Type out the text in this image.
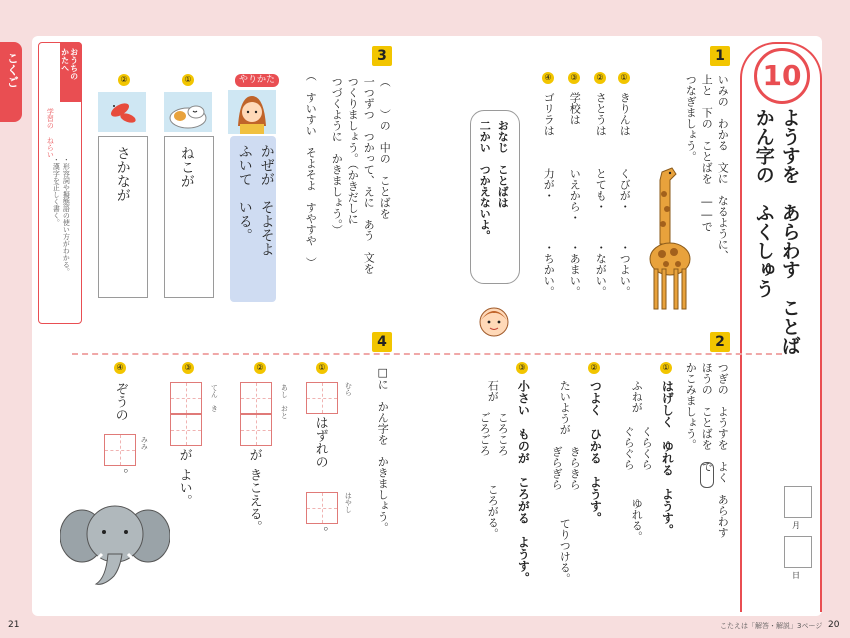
こくご	10
ようすを　あらわす　ことば
かん字の　ふくしゅう
月
日
1
いみの　わかる　文に　なるように、
上と　下の　ことばを　――で
つなぎましょう。
①
きりんは
くびが・
・つよい。
②
さとうは
とても・
・ながい。
③
学校は
いえから・
・あまい。
④
ゴリラは
力が・
・ちかい。
おなじ　ことばは
二かい　つかえないよ。
3
（　　）の　中の　ことばを
一つずつ　つかって、えに　あう　文を
つくりましょう。（かきだしに
つづくように　かきましょう。）
（　すいすい　そよそよ　すやすや　）
やりかた
かぜが　そよそよ
ふいて　いる。
①
ねこが
②
さかなが
おうちの
かたへ
学習の ねらい
・形容詞や擬態語の使い方がわかる。
・漢字を正しく書く。
2
つぎの　ようすを　よく　あらわす
ほうの　ことばを　で
かこみましょう。
①
はげしく　ゆれる　ようす。
ふねが
くらくら
ぐらぐら
ゆれる。
②
つよく　ひかる　ようす。
たいようが
きらきら
ぎらぎら
てりつける。
③
小さい　ものが　ころがる　ようす。
石が
ころころ
ごろごろ
ころがる。
4
□に　かん字を　かきましょう。
①
むら
はずれの
はやし
。
②
あし　おと
が
きこえる。
③
てん　き
が
よい。
④
ぞうの
みみ
。
21	こたえは「解答・解説」3ページ 20
